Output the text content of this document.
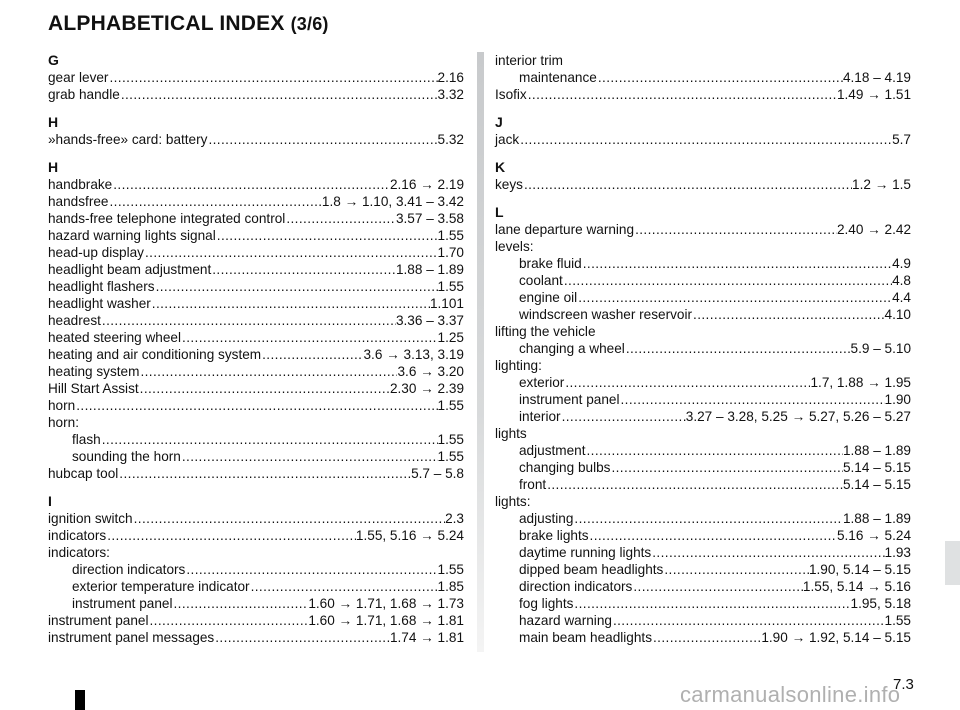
ALPHABETICAL INDEX (3/6)
G
gear lever .....	2.16
grab handle .....	3.32
H
»hands-free» card: battery .....	5.32
H
handbrake .....	2.16 → 2.19
handsfree .....	1.8 → 1.10, 3.41 – 3.42
hands-free telephone integrated control .....	3.57 – 3.58
hazard warning lights signal .....	1.55
head-up display .....	1.70
headlight beam adjustment .....	1.88 – 1.89
headlight flashers .....	1.55
headlight washer .....	1.101
headrest .....	3.36 – 3.37
heated steering wheel .....	1.25
heating and air conditioning system .....	3.6 → 3.13, 3.19
heating system .....	3.6 → 3.20
Hill Start Assist .....	2.30 → 2.39
horn .....	1.55
horn:
flash .....	1.55
sounding the horn .....	1.55
hubcap tool .....	5.7 – 5.8
I
ignition switch .....	2.3
indicators .....	1.55, 5.16 → 5.24
indicators:
direction indicators .....	1.55
exterior temperature indicator .....	1.85
instrument panel .....	1.60 → 1.71, 1.68 → 1.73
instrument panel .....	1.60 → 1.71, 1.68 → 1.81
instrument panel messages .....	1.74 → 1.81
interior trim
maintenance .....	4.18 – 4.19
Isofix .....	1.49 → 1.51
J
jack .....	5.7
K
keys .....	1.2 → 1.5
L
lane departure warning .....	2.40 → 2.42
levels:
brake fluid .....	4.9
coolant .....	4.8
engine oil .....	4.4
windscreen washer reservoir .....	4.10
lifting the vehicle
changing a wheel .....	5.9 – 5.10
lighting:
exterior .....	1.7, 1.88 → 1.95
instrument panel .....	1.90
interior .....	3.27 – 3.28, 5.25 → 5.27, 5.26 – 5.27
lights
adjustment .....	1.88 – 1.89
changing bulbs .....	5.14 – 5.15
front .....	5.14 – 5.15
lights:
adjusting .....	1.88 – 1.89
brake lights .....	5.16 → 5.24
daytime running lights .....	1.93
dipped beam headlights .....	1.90, 5.14 – 5.15
direction indicators .....	1.55, 5.14 → 5.16
fog lights .....	1.95, 5.18
hazard warning .....	1.55
main beam headlights .....	1.90 → 1.92, 5.14 – 5.15
7.3
carmanualsonline.info
